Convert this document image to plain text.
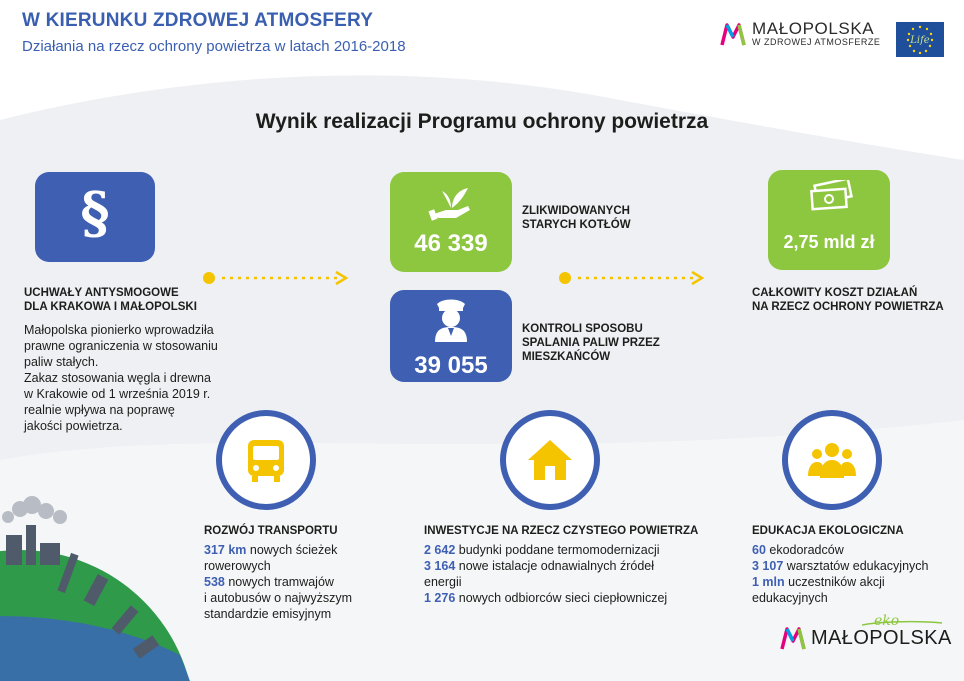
W KIERUNKU ZDROWEJ ATMOSFERY
Działania na rzecz ochrony powietrza w latach 2016-2018
MAŁOPOLSKA
W ZDROWEJ ATMOSFERZE	Life
Wynik realizacji Programu ochrony powietrza
§
UCHWAŁY ANTYSMOGOWE
DLA KRAKOWA I MAŁOPOLSKI
Małopolska pionierko wprowadziła
prawne ograniczenia w stosowaniu
paliw stałych.
Zakaz stosowania węgla i drewna
w Krakowie od 1 września 2019 r.
realnie wpływa na poprawę
jakości powietrza.
46 339
ZLIKWIDOWANYCH
STARYCH KOTŁÓW
39 055
KONTROLI SPOSOBU
SPALANIA PALIW PRZEZ
MIESZKAŃCÓW
2,75 mld zł
CAŁKOWITY KOSZT DZIAŁAŃ
NA RZECZ OCHRONY POWIETRZA
ROZWÓJ TRANSPORTU
317 km nowych ścieżek
rowerowych
538 nowych tramwajów
i autobusów o najwyższym
standardzie emisyjnym
INWESTYCJE NA RZECZ CZYSTEGO POWIETRZA
2 642 budynki poddane termomodernizacji
3 164 nowe istalacje odnawialnych źródeł
energii
1 276 nowych odbiorców sieci ciepłowniczej
EDUKACJA EKOLOGICZNA
60 ekodoradców
3 107 warsztatów edukacyjnych
1 mln uczestników akcji
edukacyjnych
eko
MAŁOPOLSKA
